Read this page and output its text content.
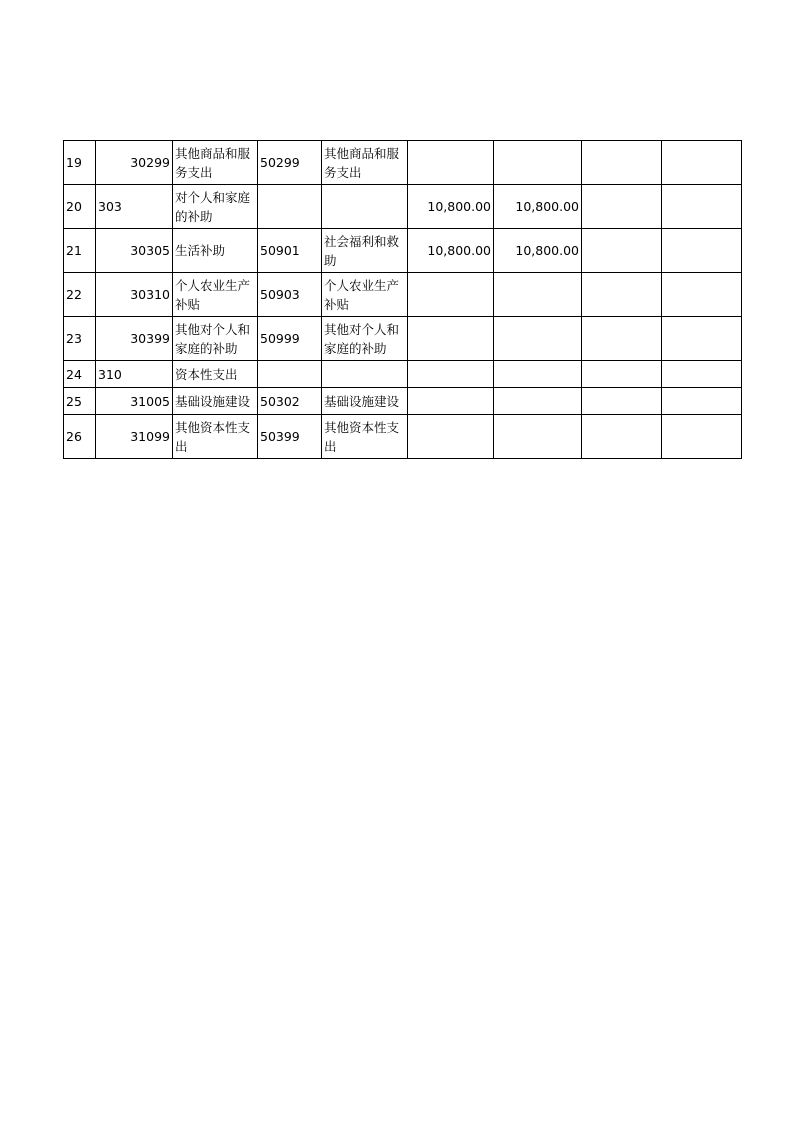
19	30299	其他商品和服务支出	50299	其他商品和服务支出				
20	303	对个人和家庭的补助			10,800.00	10,800.00		
21	30305	生活补助	50901	社会福利和救助	10,800.00	10,800.00		
22	30310	个人农业生产补贴	50903	个人农业生产补贴				
23	30399	其他对个人和家庭的补助	50999	其他对个人和家庭的补助				
24	310	资本性支出						
25	31005	基础设施建设	50302	基础设施建设				
26	31099	其他资本性支出	50399	其他资本性支出				
